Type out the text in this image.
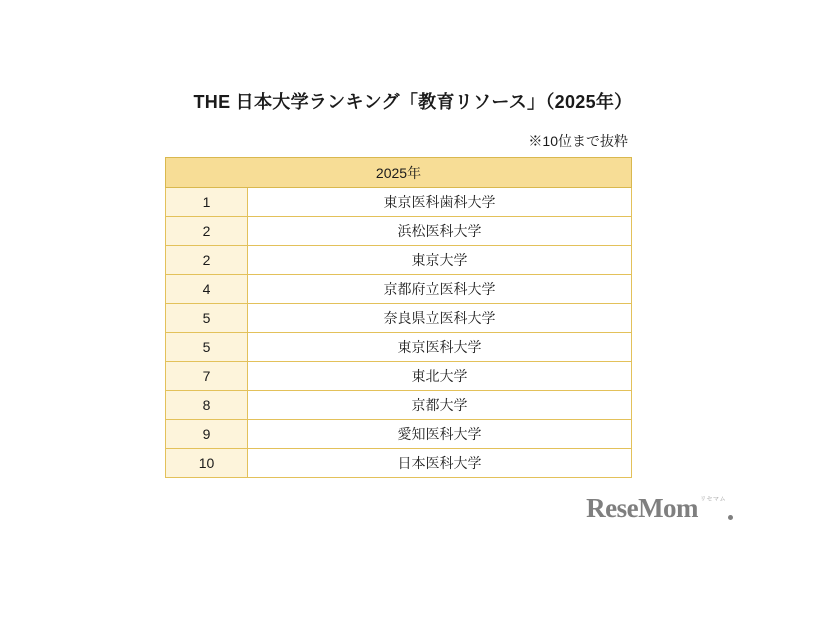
THE 日本大学ランキング「教育リソース」（2025年）
※10位まで抜粋
2025年	
1	東京医科歯科大学
2	浜松医科大学
2	東京大学
4	京都府立医科大学
5	奈良県立医科大学
5	東京医科大学
7	東北大学
8	京都大学
9	愛知医科大学
10	日本医科大学
ReseMom リセマム
